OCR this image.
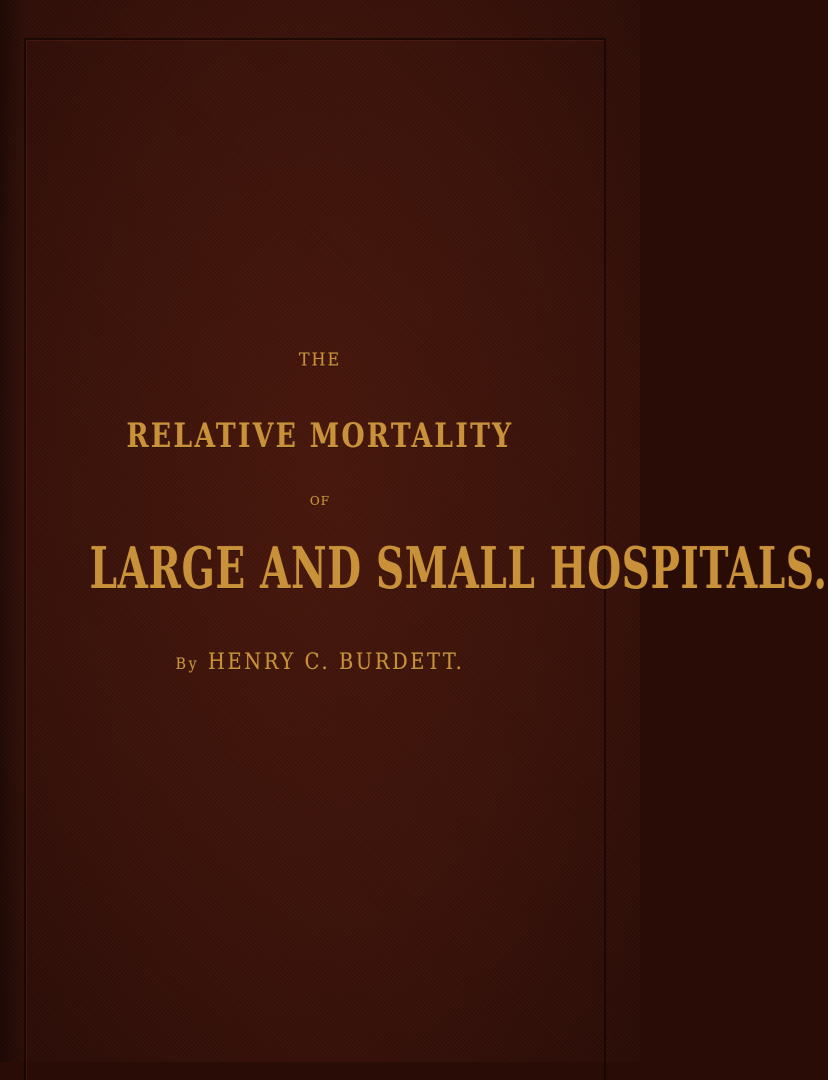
THE

RELATIVE MORTALITY

OF

LARGE AND SMALL HOSPITALS.

By HENRY C. BURDETT.
